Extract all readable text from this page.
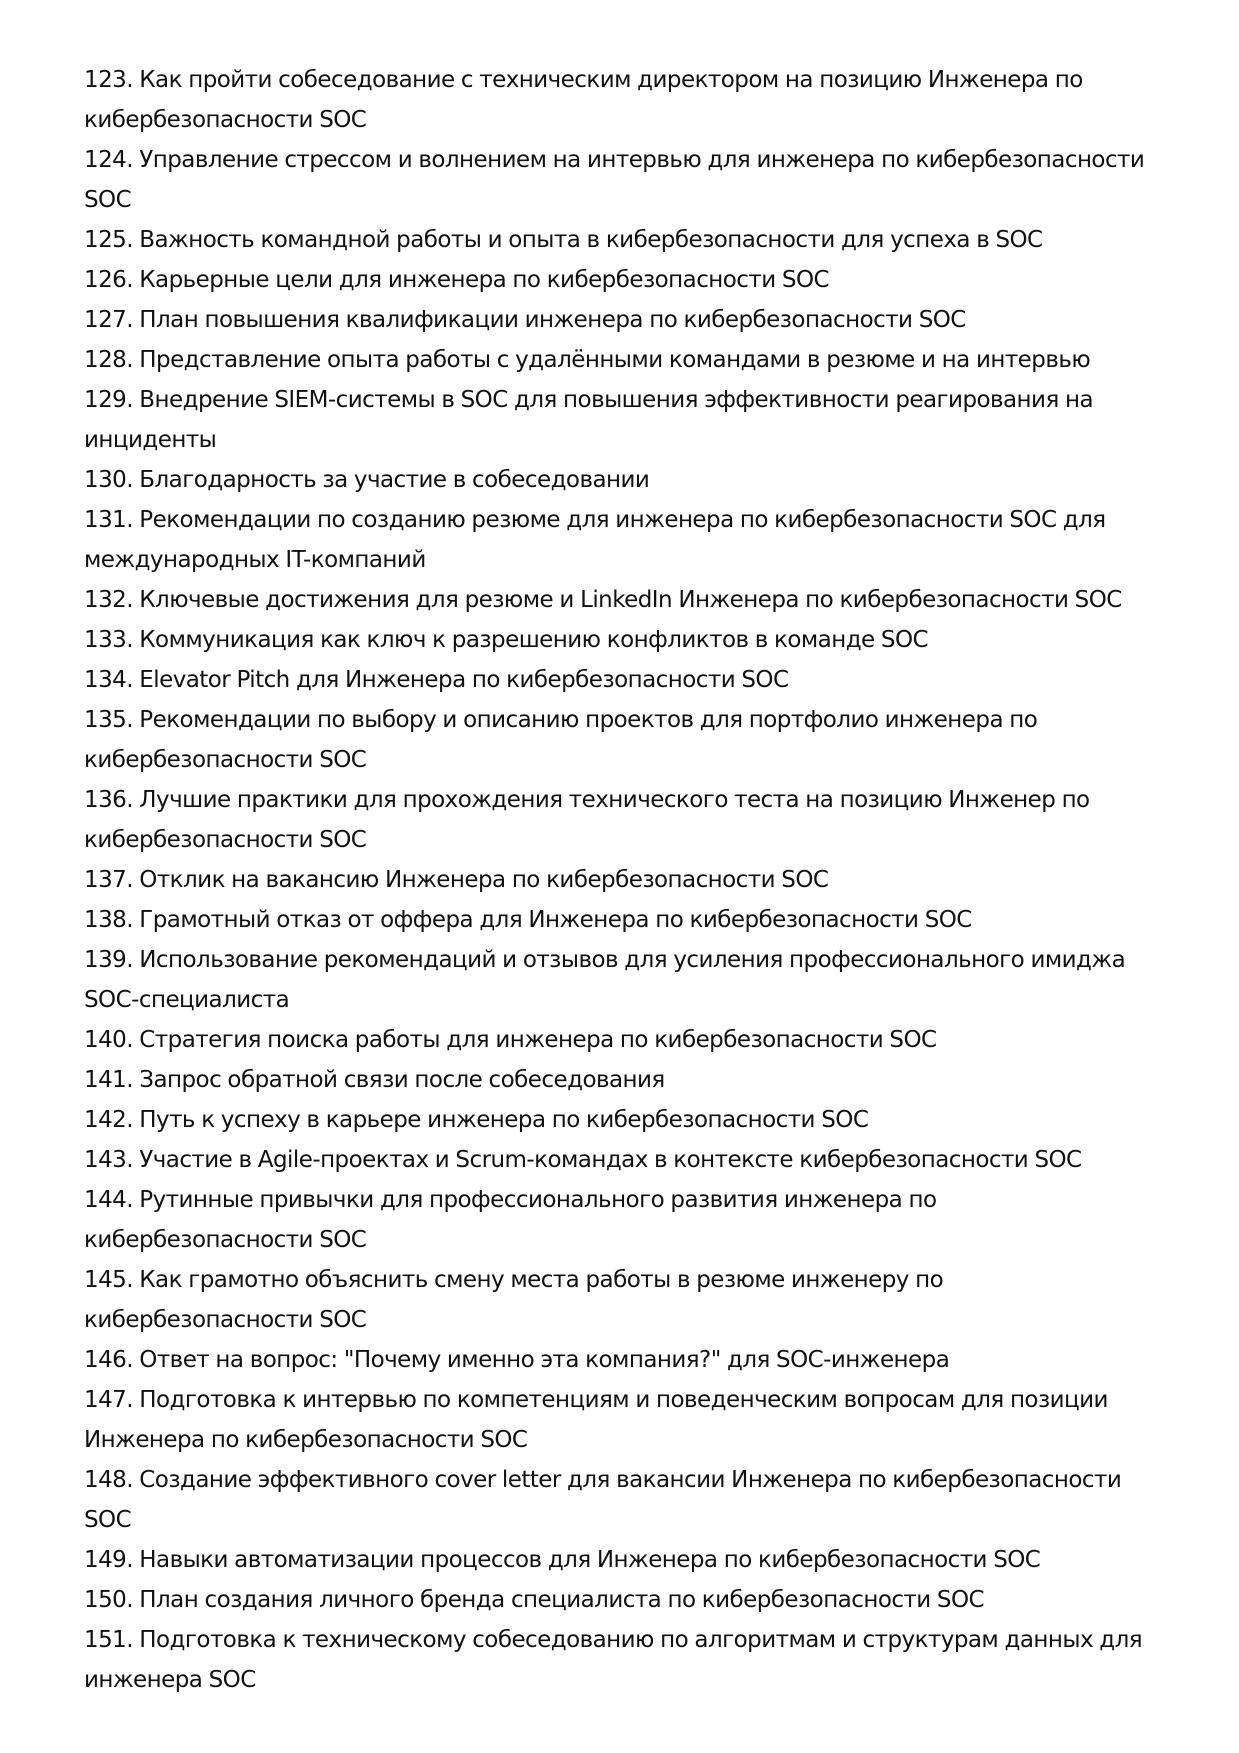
123. Как пройти собеседование с техническим директором на позицию Инженера по
кибербезопасности SOC

124. Управление стрессом и волнением на интервью для инженера по кибербезопасности
SOC

125. Важность командной работы и опыта в кибербезопасности для успеха в SOC

126. Карьерные цели для инженера по кибербезопасности SOC

127. План повышения квалификации инженера по кибербезопасности SOC

128. Представление опыта работы с удалёнными командами в резюме и на интервью

129. Внедрение SIEM-системы в SOC для повышения эффективности реагирования на
инциденты

130. Благодарность за участие в собеседовании

131. Рекомендации по созданию резюме для инженера по кибербезопасности SOC для
международных IT-компаний

132. Ключевые достижения для резюме и LinkedIn Инженера по кибербезопасности SOC

133. Коммуникация как ключ к разрешению конфликтов в команде SOC

134. Elevator Pitch для Инженера по кибербезопасности SOC

135. Рекомендации по выбору и описанию проектов для портфолио инженера по
кибербезопасности SOC

136. Лучшие практики для прохождения технического теста на позицию Инженер по
кибербезопасности SOC

137. Отклик на вакансию Инженера по кибербезопасности SOC

138. Грамотный отказ от оффера для Инженера по кибербезопасности SOC

139. Использование рекомендаций и отзывов для усиления профессионального имиджа
SOC-специалиста

140. Стратегия поиска работы для инженера по кибербезопасности SOC

141. Запрос обратной связи после собеседования

142. Путь к успеху в карьере инженера по кибербезопасности SOC

143. Участие в Agile-проектах и Scrum-командах в контексте кибербезопасности SOC

144. Рутинные привычки для профессионального развития инженера по
кибербезопасности SOC

145. Как грамотно объяснить смену места работы в резюме инженеру по
кибербезопасности SOC

146. Ответ на вопрос: "Почему именно эта компания?" для SOC-инженера

147. Подготовка к интервью по компетенциям и поведенческим вопросам для позиции
Инженера по кибербезопасности SOC

148. Создание эффективного cover letter для вакансии Инженера по кибербезопасности SOC

149. Навыки автоматизации процессов для Инженера по кибербезопасности SOC

150. План создания личного бренда специалиста по кибербезопасности SOC

151. Подготовка к техническому собеседованию по алгоритмам и структурам данных для
инженера SOC
